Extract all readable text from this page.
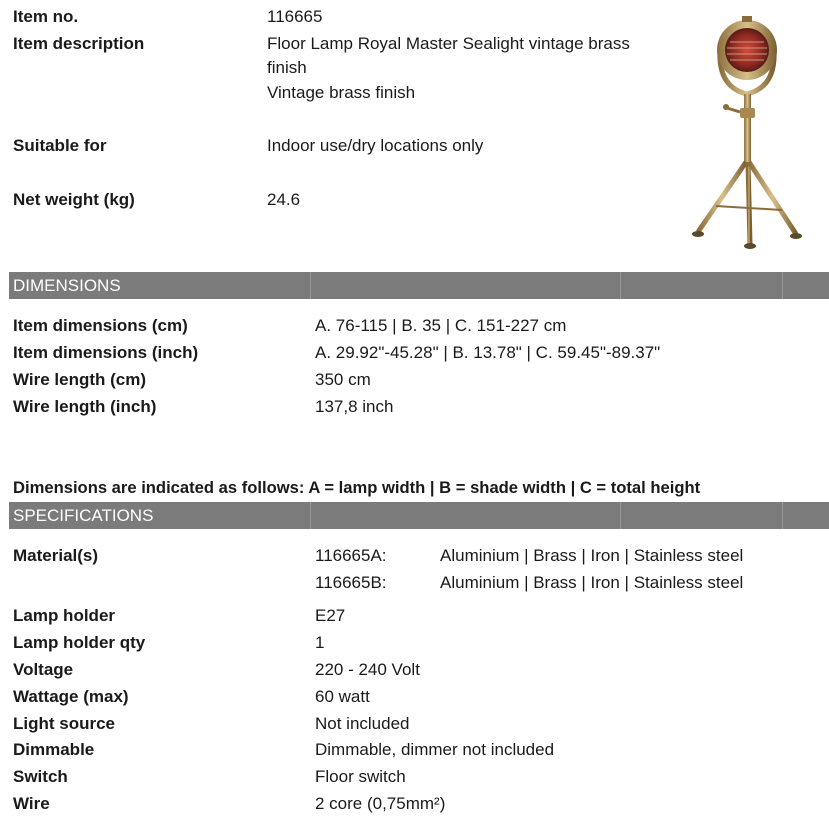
Item no.	116665
Item description	Floor Lamp Royal Master Sealight vintage brass
finish
Vintage brass finish
Suitable for	Indoor use/dry locations only
Net weight (kg)	24.6
DIMENSIONS
Item dimensions (cm)	A. 76-115 | B. 35 | C. 151-227 cm
Item dimensions (inch)	A. 29.92"-45.28" | B. 13.78" | C. 59.45"-89.37"
Wire length (cm)	350 cm
Wire length (inch)	137,8 inch
Dimensions are indicated as follows: A = lamp width | B = shade width | C = total height
SPECIFICATIONS
Material(s)	116665A:	Aluminium | Brass | Iron | Stainless steel
116665B:	Aluminium | Brass | Iron | Stainless steel
Lamp holder	E27
Lamp holder qty	1
Voltage	220 - 240 Volt
Wattage (max)	60 watt
Light source	Not included
Dimmable	Dimmable, dimmer not included
Switch	Floor switch
Wire	2 core (0,75mm²)
